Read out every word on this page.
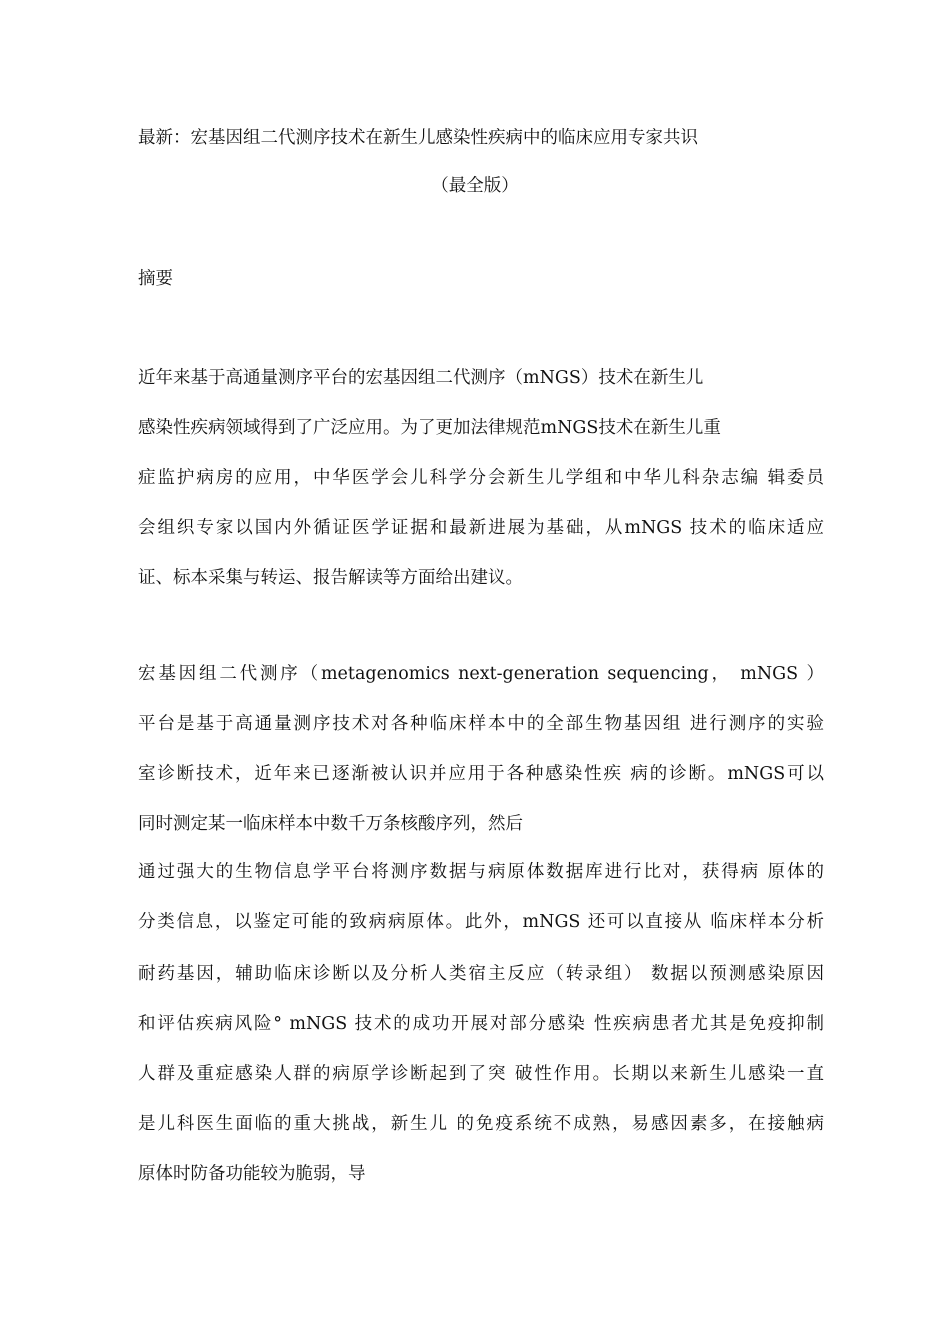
最新：宏基因组二代测序技术在新生儿感染性疾病中的临床应用专家共识
（最全版）
摘要
近年来基于高通量测序平台的宏基因组二代测序（mNGS）技术在新生儿
感染性疾病领域得到了广泛应用。为了更加法律规范mNGS技术在新生儿重
症监护病房的应用，中华医学会儿科学分会新生儿学组和中华儿科杂志编 辑委员
会组织专家以国内外循证医学证据和最新进展为基础，从mNGS 技术的临床适应
证、标本采集与转运、报告解读等方面给出建议。
宏基因组二代测序（metagenomics next-generation sequencing， mNGS ）
平台是基于高通量测序技术对各种临床样本中的全部生物基因组 进行测序的实验
室诊断技术，近年来已逐渐被认识并应用于各种感染性疾 病的诊断。mNGS可以
同时测定某一临床样本中数千万条核酸序列，然后
通过强大的生物信息学平台将测序数据与病原体数据库进行比对，获得病 原体的
分类信息，以鉴定可能的致病病原体。此外，mNGS 还可以直接从 临床样本分析
耐药基因，辅助临床诊断以及分析人类宿主反应（转录组） 数据以预测感染原因
和评估疾病风险° mNGS 技术的成功开展对部分感染 性疾病患者尤其是免疫抑制
人群及重症感染人群的病原学诊断起到了突 破性作用。长期以来新生儿感染一直
是儿科医生面临的重大挑战，新生儿 的免疫系统不成熟，易感因素多，在接触病
原体时防备功能较为脆弱，导
